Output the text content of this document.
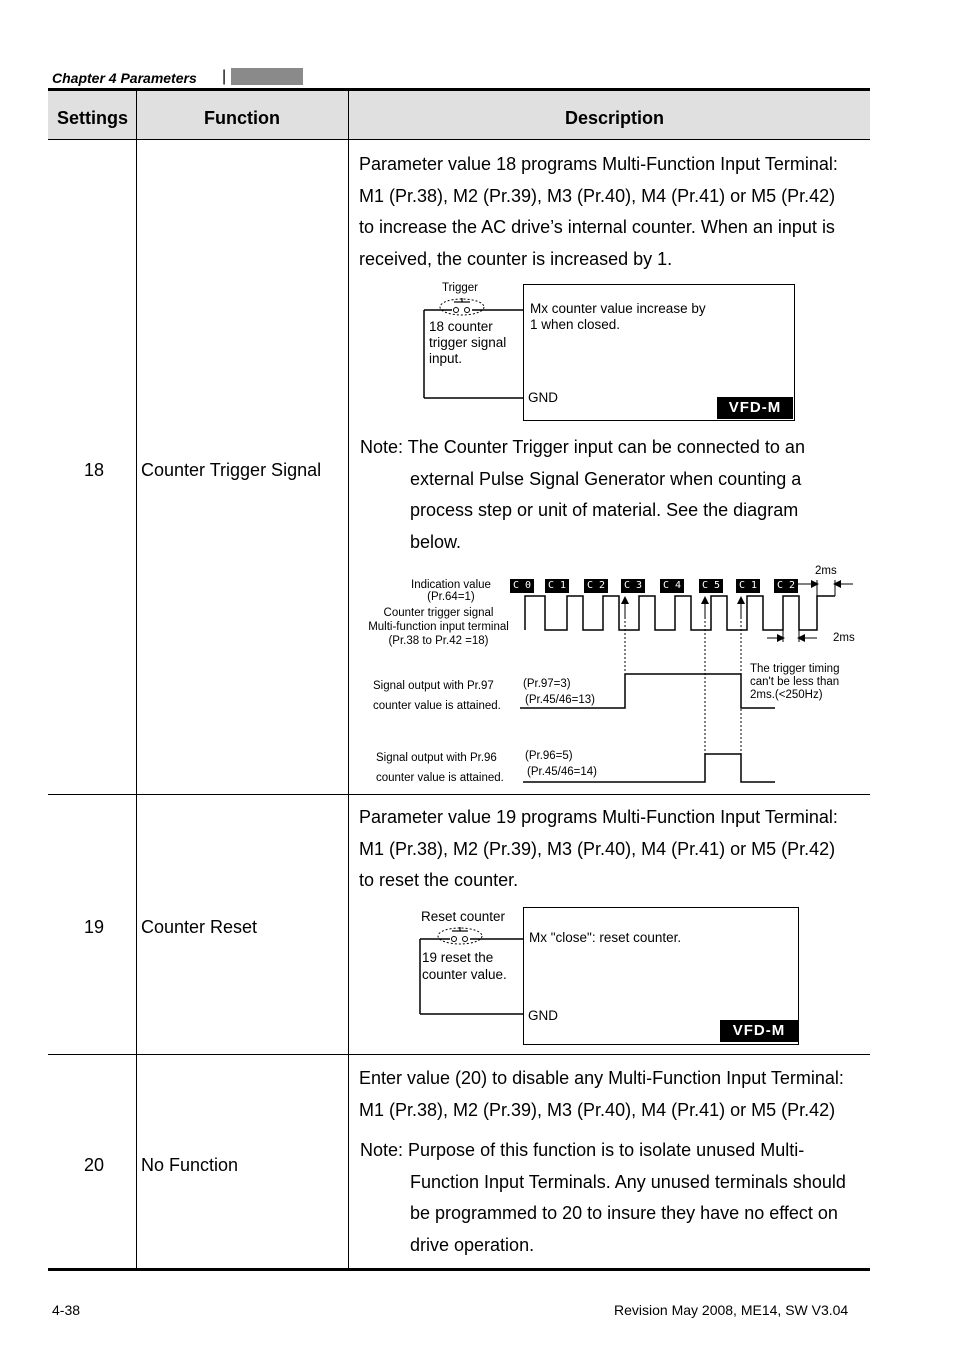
Chapter 4 Parameters |
Settings	Function	Description
18 Counter Trigger Signal
Parameter value 18 programs Multi-Function Input Terminal:
M1 (Pr.38), M2 (Pr.39), M3 (Pr.40), M4 (Pr.41) or M5 (Pr.42)
to increase the AC drive’s internal counter. When an input is
received, the counter is increased by 1.
Trigger
18 counter
trigger signal
input.
Mx counter value increase by
1 when closed.
GND
VFD-M
Note: The Counter Trigger input can be connected to an
external Pulse Signal Generator when counting a
process step or unit of material. See the diagram
below.
Indication value
(Pr.64=1)
Counter trigger signal
Multi-function input terminal
(Pr.38 to Pr.42 =18)
C 0 C 1 C 2 C 3 C 4 C 5 C 1 C 2
2ms
2ms
The trigger timing
can't be less than
2ms.(<250Hz)
Signal output with Pr.97
counter value is attained.
(Pr.97=3)
(Pr.45/46=13)
Signal output with Pr.96
counter value is attained.
(Pr.96=5)
(Pr.45/46=14)
19 Counter Reset
Parameter value 19 programs Multi-Function Input Terminal:
M1 (Pr.38), M2 (Pr.39), M3 (Pr.40), M4 (Pr.41) or M5 (Pr.42)
to reset the counter.
Reset counter
19 reset the
counter value.
Mx "close": reset counter.
GND
VFD-M
20 No Function
Enter value (20) to disable any Multi-Function Input Terminal:
M1 (Pr.38), M2 (Pr.39), M3 (Pr.40), M4 (Pr.41) or M5 (Pr.42)
Note: Purpose of this function is to isolate unused Multi-
Function Input Terminals. Any unused terminals should
be programmed to 20 to insure they have no effect on
drive operation.
4-38	Revision May 2008, ME14, SW V3.04
